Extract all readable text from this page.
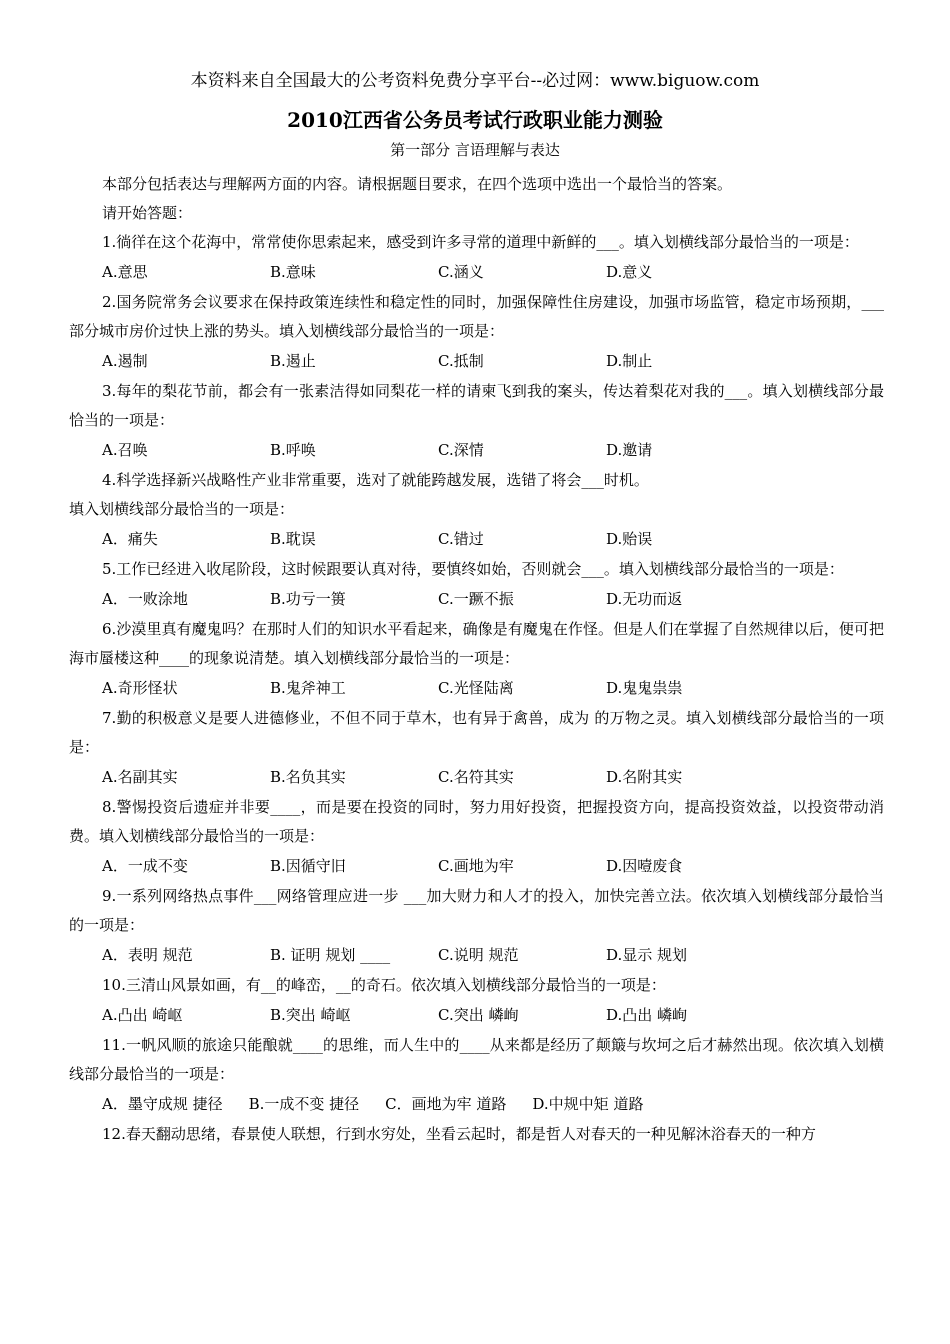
本资料来自全国最大的公考资料免费分享平台--必过网：www.biguow.com
2010江西省公务员考试行政职业能力测验
第一部分 言语理解与表达

本部分包括表达与理解两方面的内容。请根据题目要求，在四个选项中选出一个最恰当的答案。

请开始答题：

1.徜徉在这个花海中，常常使你思索起来，感受到许多寻常的道理中新鲜的___。填入划横线部分最恰当的一项是：

A.意思	B.意味	C.涵义	D.意义

2.国务院常务会议要求在保持政策连续性和稳定性的同时，加强保障性住房建设，加强市场监管，稳定市场预期，___部分城市房价过快上涨的势头。填入划横线部分最恰当的一项是：

A.遏制	B.遏止	C.抵制	D.制止

3.每年的梨花节前，都会有一张素洁得如同梨花一样的请柬飞到我的案头，传达着梨花对我的___。填入划横线部分最恰当的一项是：

A.召唤	B.呼唤	C.深情	D.邀请

4.科学选择新兴战略性产业非常重要，选对了就能跨越发展，选错了将会___时机。

填入划横线部分最恰当的一项是：

A．痛失	B.耽误	C.错过	D.贻误

5.工作已经进入收尾阶段，这时候跟要认真对待，要慎终如始，否则就会___。填入划横线部分最恰当的一项是：

A．一败涂地	B.功亏一篑	C.一蹶不振	D.无功而返

6.沙漠里真有魔鬼吗？在那时人们的知识水平看起来，确像是有魔鬼在作怪。但是人们在掌握了自然规律以后，便可把海市蜃楼这种____的现象说清楚。填入划横线部分最恰当的一项是：

A.奇形怪状	B.鬼斧神工	C.光怪陆离	D.鬼鬼祟祟

7.勤的积极意义是要人进德修业，不但不同于草木，也有异于禽兽，成为 的万物之灵。填入划横线部分最恰当的一项是：

A.名副其实	B.名负其实	C.名符其实	D.名附其实

8.警惕投资后遗症并非要____，而是要在投资的同时，努力用好投资，把握投资方向，提高投资效益，以投资带动消费。填入划横线部分最恰当的一项是：

A．一成不变	B.因循守旧	C.画地为牢	D.因噎废食

9.一系列网络热点事件___网络管理应进一步 ___加大财力和人才的投入，加快完善立法。依次填入划横线部分最恰当的一项是：

A．表明 规范	B. 证明 规划 ____	C.说明 规范	D.显示 规划

10.三清山风景如画，有__的峰峦，__的奇石。依次填入划横线部分最恰当的一项是：

A.凸出 崎岖	B.突出 崎岖	C.突出 嶙峋	D.凸出 嶙峋

11.一帆风顺的旅途只能酿就____的思维，而人生中的____从来都是经历了颠簸与坎坷之后才赫然出现。依次填入划横线部分最恰当的一项是：

A．墨守成规 捷径 B.一成不变 捷径 C．画地为牢 道路 D.中规中矩 道路

12.春天翻动思绪，春景使人联想，行到水穷处，坐看云起时，都是哲人对春天的一种见解沐浴春天的一种方
